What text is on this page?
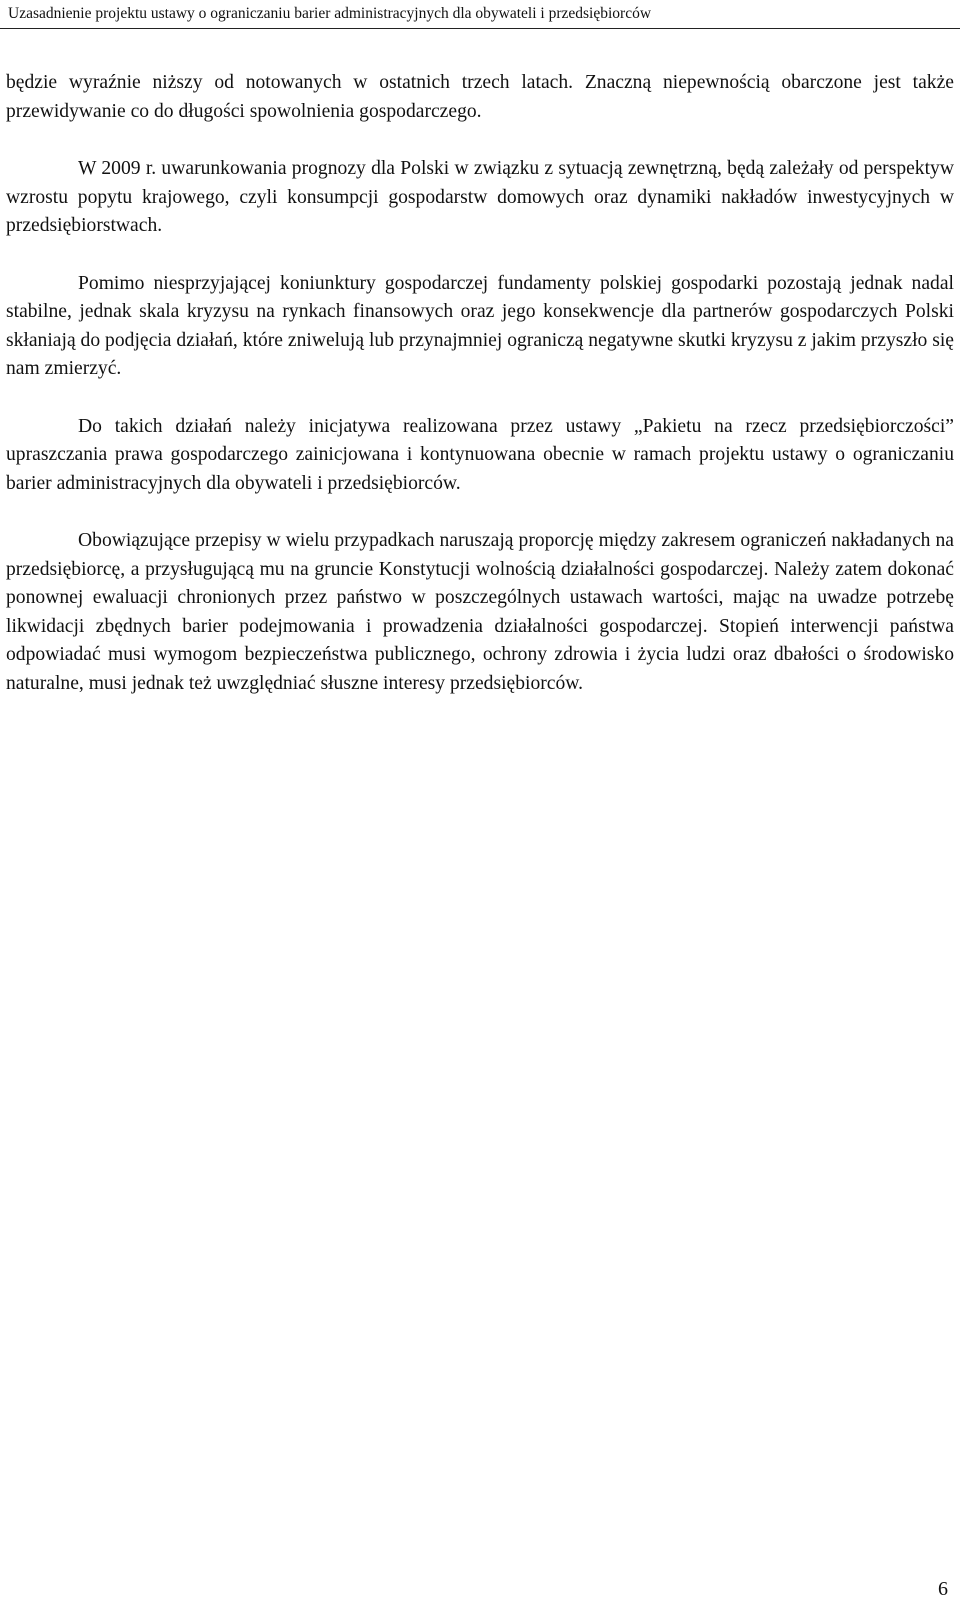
Uzasadnienie projektu ustawy o ograniczaniu barier administracyjnych dla obywateli i przedsiębiorców

będzie wyraźnie niższy od notowanych w ostatnich trzech latach. Znaczną niepewnością obarczone jest także przewidywanie co do długości spowolnienia gospodarczego.

W 2009 r. uwarunkowania prognozy dla Polski w związku z sytuacją zewnętrzną, będą zależały od perspektyw wzrostu popytu krajowego, czyli konsumpcji gospodarstw domowych oraz dynamiki nakładów inwestycyjnych w przedsiębiorstwach.

Pomimo niesprzyjającej koniunktury gospodarczej fundamenty polskiej gospodarki pozostają jednak nadal stabilne, jednak skala kryzysu na rynkach finansowych oraz jego konsekwencje dla partnerów gospodarczych Polski skłaniają do podjęcia działań, które zniwelują lub przynajmniej ograniczą negatywne skutki kryzysu z jakim przyszło się nam zmierzyć.

Do takich działań należy inicjatywa realizowana przez ustawy „Pakietu na rzecz przedsiębiorczości” upraszczania prawa gospodarczego zainicjowana i kontynuowana obecnie w ramach projektu ustawy o ograniczaniu barier administracyjnych dla obywateli i przedsiębiorców.

Obowiązujące przepisy w wielu przypadkach naruszają proporcję między zakresem ograniczeń nakładanych na przedsiębiorcę, a przysługującą mu na gruncie Konstytucji wolnością działalności gospodarczej. Należy zatem dokonać ponownej ewaluacji chronionych przez państwo w poszczególnych ustawach wartości, mając na uwadze potrzebę likwidacji zbędnych barier podejmowania i prowadzenia działalności gospodarczej. Stopień interwencji państwa odpowiadać musi wymogom bezpieczeństwa publicznego, ochrony zdrowia i życia ludzi oraz dbałości o środowisko naturalne, musi jednak też uwzględniać słuszne interesy przedsiębiorców.

6
